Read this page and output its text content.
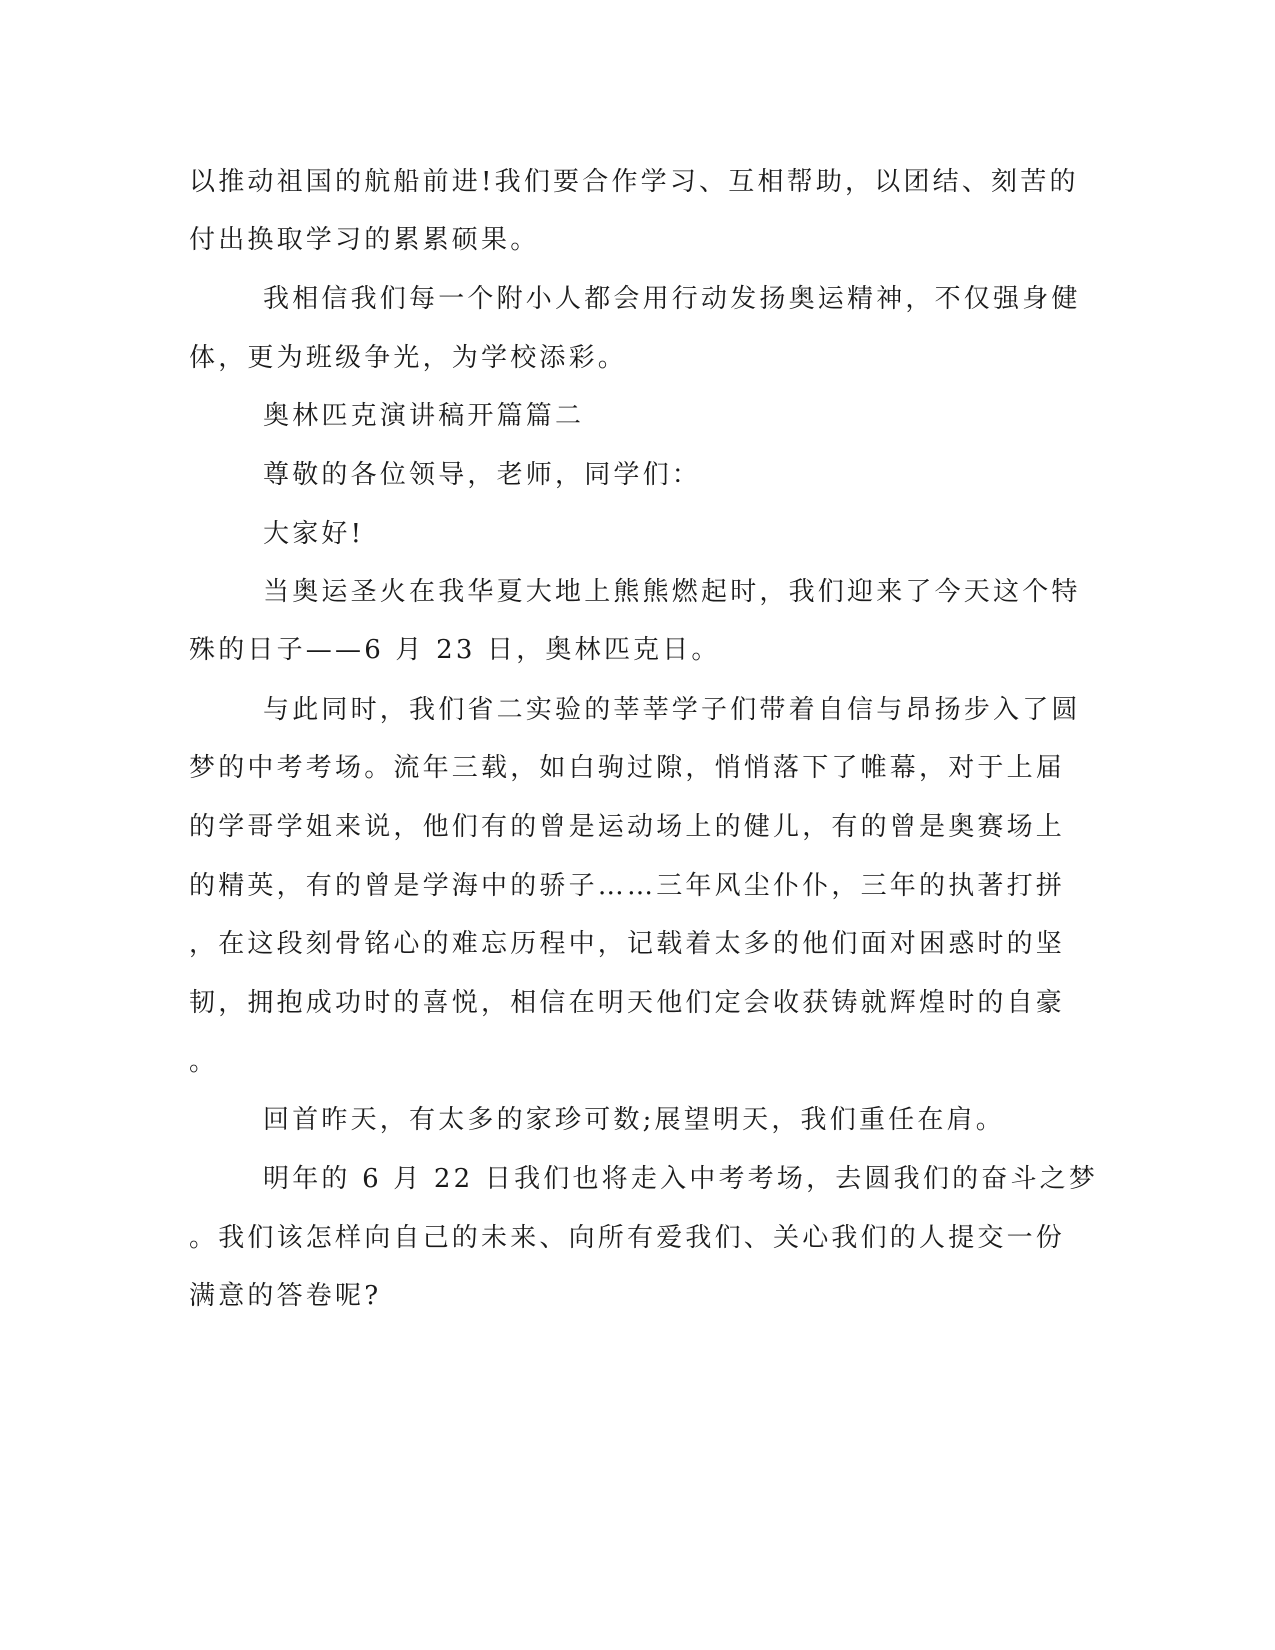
以推动祖国的航船前进!我们要合作学习、互相帮助，以团结、刻苦的
付出换取学习的累累硕果。
我相信我们每一个附小人都会用行动发扬奥运精神，不仅强身健
体，更为班级争光，为学校添彩。
奥林匹克演讲稿开篇篇二
尊敬的各位领导，老师，同学们：
大家好!
当奥运圣火在我华夏大地上熊熊燃起时，我们迎来了今天这个特
殊的日子——6 月 23 日，奥林匹克日。
与此同时，我们省二实验的莘莘学子们带着自信与昂扬步入了圆
梦的中考考场。流年三载，如白驹过隙，悄悄落下了帷幕，对于上届
的学哥学姐来说，他们有的曾是运动场上的健儿，有的曾是奥赛场上
的精英，有的曾是学海中的骄子……三年风尘仆仆，三年的执著打拼
，在这段刻骨铭心的难忘历程中，记载着太多的他们面对困惑时的坚
韧，拥抱成功时的喜悦，相信在明天他们定会收获铸就辉煌时的自豪
。
回首昨天，有太多的家珍可数;展望明天，我们重任在肩。
明年的 6 月 22 日我们也将走入中考考场，去圆我们的奋斗之梦
。我们该怎样向自己的未来、向所有爱我们、关心我们的人提交一份
满意的答卷呢?
